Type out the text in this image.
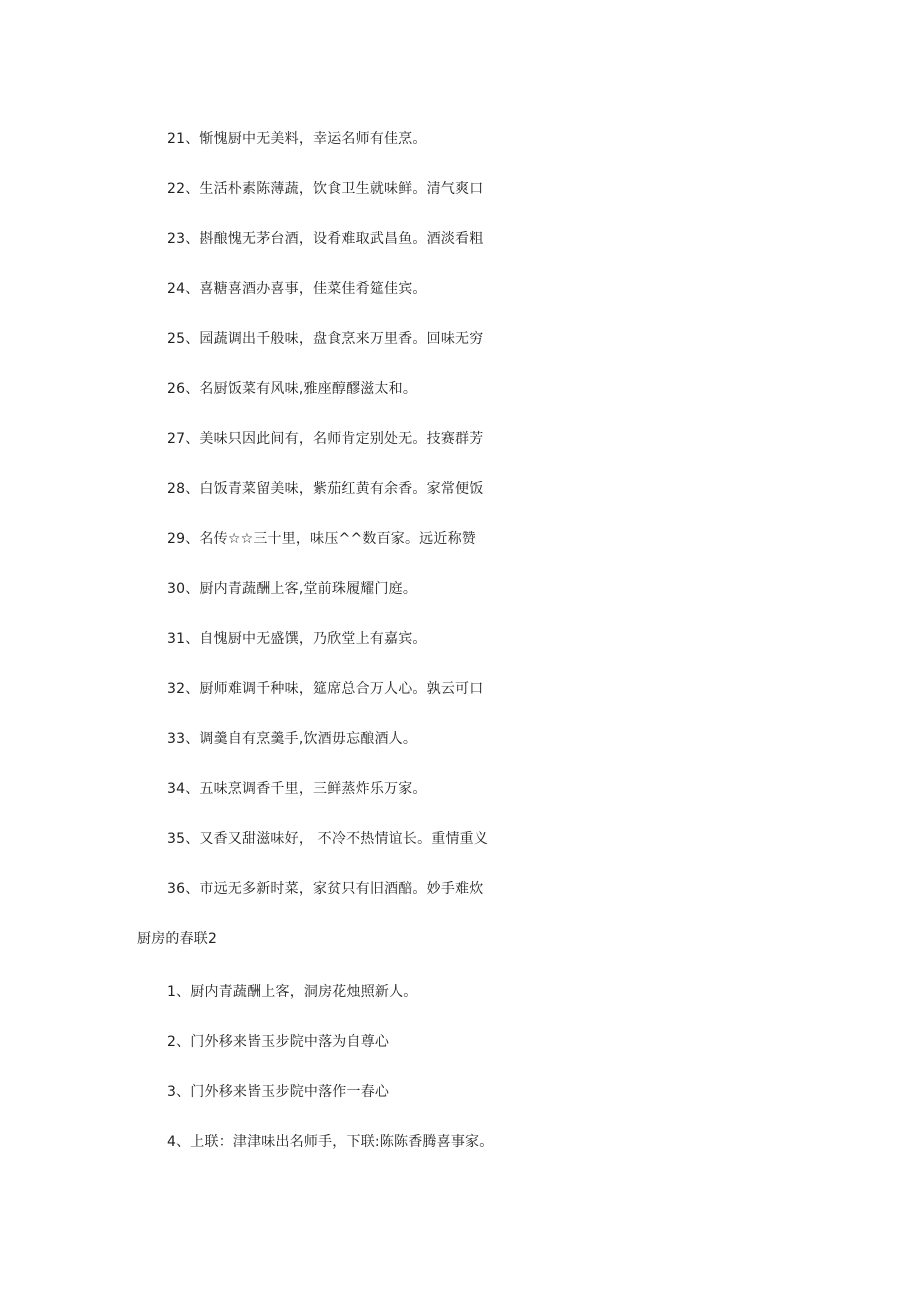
21、惭愧厨中无美料，幸运名师有佳烹。
22、生活朴素陈薄蔬，饮食卫生就味鲜。清气爽口
23、斟酿愧无茅台酒，设肴难取武昌鱼。酒淡看粗
24、喜糖喜酒办喜事，佳菜佳肴筵佳宾。
25、园蔬调出千般味，盘食烹来万里香。回味无穷
26、名厨饭菜有风味,雅座醇醪滋太和。
27、美味只因此间有，名师肯定别处无。技赛群芳
28、白饭青菜留美味，紫茄红黄有余香。家常便饭
29、名传☆☆三十里，味压^^数百家。远近称赞
30、厨内青蔬酬上客,堂前珠履耀门庭。
31、自愧厨中无盛馔，乃欣堂上有嘉宾。
32、厨师难调千种味，筵席总合万人心。孰云可口
33、调羹自有烹羹手,饮酒毋忘酿酒人。
34、五味烹调香千里，三鲜蒸炸乐万家。
35、又香又甜滋味好， 不冷不热情谊长。重情重义
36、市远无多新时菜，家贫只有旧酒醅。妙手难炊
厨房的春联2
1、厨内青蔬酬上客，洞房花烛照新人。
2、门外移来皆玉步院中落为自尊心
3、门外移来皆玉步院中落作一春心
4、上联：津津味出名师手，下联:陈陈香腾喜事家。
